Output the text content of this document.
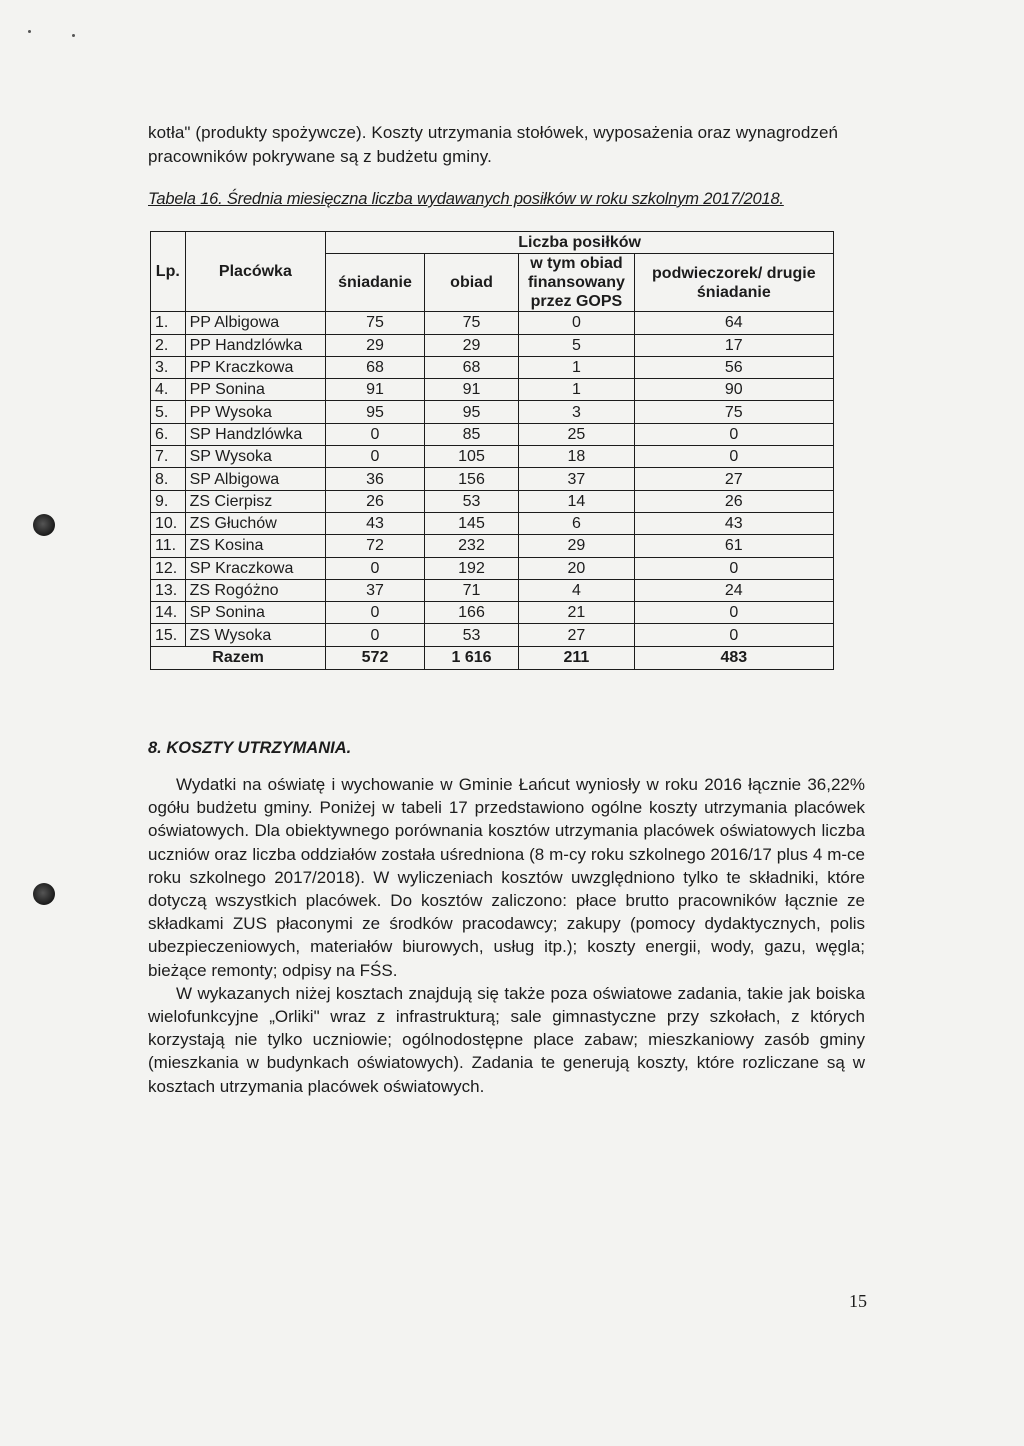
kotła" (produkty spożywcze). Koszty utrzymania stołówek, wyposażenia oraz wynagrodzeń pracowników pokrywane są z budżetu gminy.
Tabela 16. Średnia miesięczna liczba wydawanych posiłków w roku szkolnym 2017/2018.
Lp.	Placówka	Liczba posiłków			
		śniadanie	obiad	w tym obiad finansowany przez GOPS	podwieczorek/ drugie śniadanie
1.	PP Albigowa	75	75	0	64
2.	PP Handzlówka	29	29	5	17
3.	PP Kraczkowa	68	68	1	56
4.	PP Sonina	91	91	1	90
5.	PP Wysoka	95	95	3	75
6.	SP Handzlówka	0	85	25	0
7.	SP Wysoka	0	105	18	0
8.	SP Albigowa	36	156	37	27
9.	ZS Cierpisz	26	53	14	26
10.	ZS Głuchów	43	145	6	43
11.	ZS Kosina	72	232	29	61
12.	SP Kraczkowa	0	192	20	0
13.	ZS Rogóżno	37	71	4	24
14.	SP Sonina	0	166	21	0
15.	ZS Wysoka	0	53	27	0
Razem		572	1 616	211	483
8. KOSZTY UTRZYMANIA.

Wydatki na oświatę i wychowanie w Gminie Łańcut wyniosły w roku 2016 łącznie 36,22% ogółu budżetu gminy. Poniżej w tabeli 17 przedstawiono ogólne koszty utrzymania placówek oświatowych. Dla obiektywnego porównania kosztów utrzymania placówek oświatowych liczba uczniów oraz liczba oddziałów została uśredniona (8 m-cy roku szkolnego 2016/17 plus 4 m-ce roku szkolnego 2017/2018). W wyliczeniach kosztów uwzględniono tylko te składniki, które dotyczą wszystkich placówek. Do kosztów zaliczono: płace brutto pracowników łącznie ze składkami ZUS płaconymi ze środków pracodawcy; zakupy (pomocy dydaktycznych, polis ubezpieczeniowych, materiałów biurowych, usług itp.); koszty energii, wody, gazu, węgla; bieżące remonty; odpisy na FŚS.

W wykazanych niżej kosztach znajdują się także poza oświatowe zadania, takie jak boiska wielofunkcyjne „Orliki" wraz z infrastrukturą; sale gimnastyczne przy szkołach, z których korzystają nie tylko uczniowie; ogólnodostępne place zabaw; mieszkaniowy zasób gminy (mieszkania w budynkach oświatowych). Zadania te generują koszty, które rozliczane są w kosztach utrzymania placówek oświatowych.

15
